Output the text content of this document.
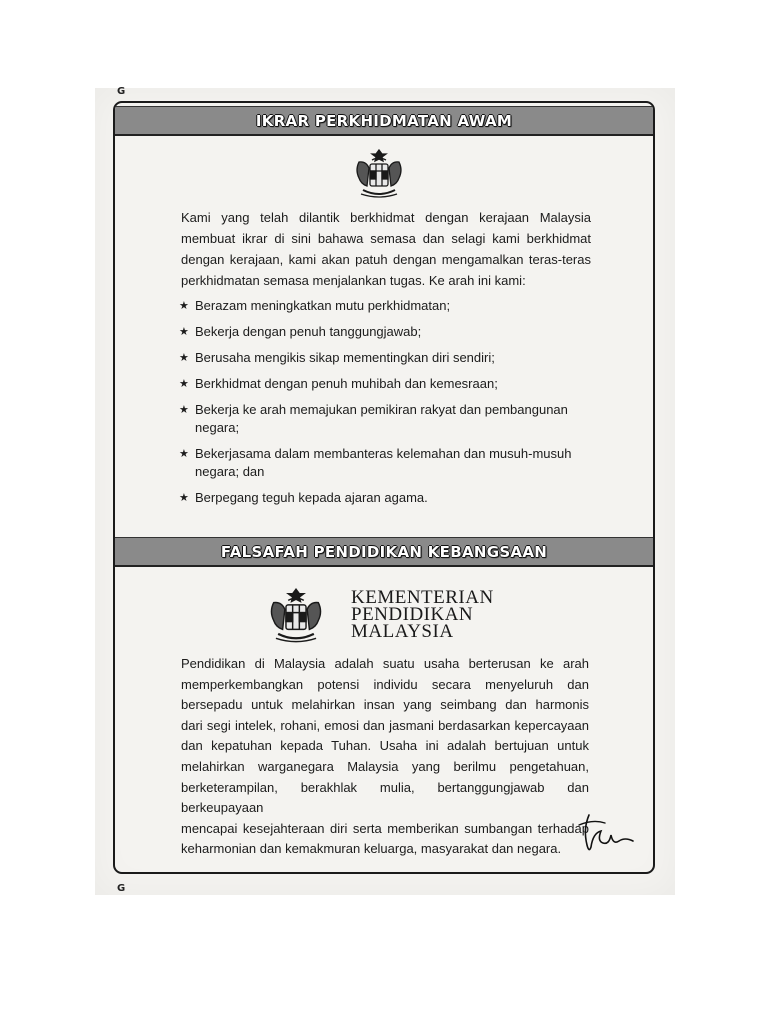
G
G
IKRAR PERKHIDMATAN AWAM
Kami yang telah dilantik berkhidmat dengan kerajaan Malaysia
membuat ikrar di sini bahawa semasa dan selagi kami berkhidmat
dengan kerajaan, kami akan patuh dengan mengamalkan teras-teras
perkhidmatan semasa menjalankan tugas. Ke arah ini kami:
★ Berazam meningkatkan mutu perkhidmatan;
★ Bekerja dengan penuh tanggungjawab;
★ Berusaha mengikis sikap mementingkan diri sendiri;
★ Berkhidmat dengan penuh muhibah dan kemesraan;
★ Bekerja ke arah memajukan pemikiran rakyat dan pembangunan negara;
★ Bekerjasama dalam membanteras kelemahan dan musuh-musuh negara; dan
★ Berpegang teguh kepada ajaran agama.
FALSAFAH PENDIDIKAN KEBANGSAAN
KEMENTERIAN
PENDIDIKAN
MALAYSIA
Pendidikan di Malaysia adalah suatu usaha berterusan ke arah
memperkembangkan potensi individu secara menyeluruh dan
bersepadu untuk melahirkan insan yang seimbang dan harmonis
dari segi intelek, rohani, emosi dan jasmani berdasarkan kepercayaan
dan kepatuhan kepada Tuhan. Usaha ini adalah bertujuan untuk
melahirkan warganegara Malaysia yang berilmu pengetahuan,
berketerampilan, berakhlak mulia, bertanggungjawab dan berkeupayaan
mencapai kesejahteraan diri serta memberikan sumbangan terhadap
keharmonian dan kemakmuran keluarga, masyarakat dan negara.
